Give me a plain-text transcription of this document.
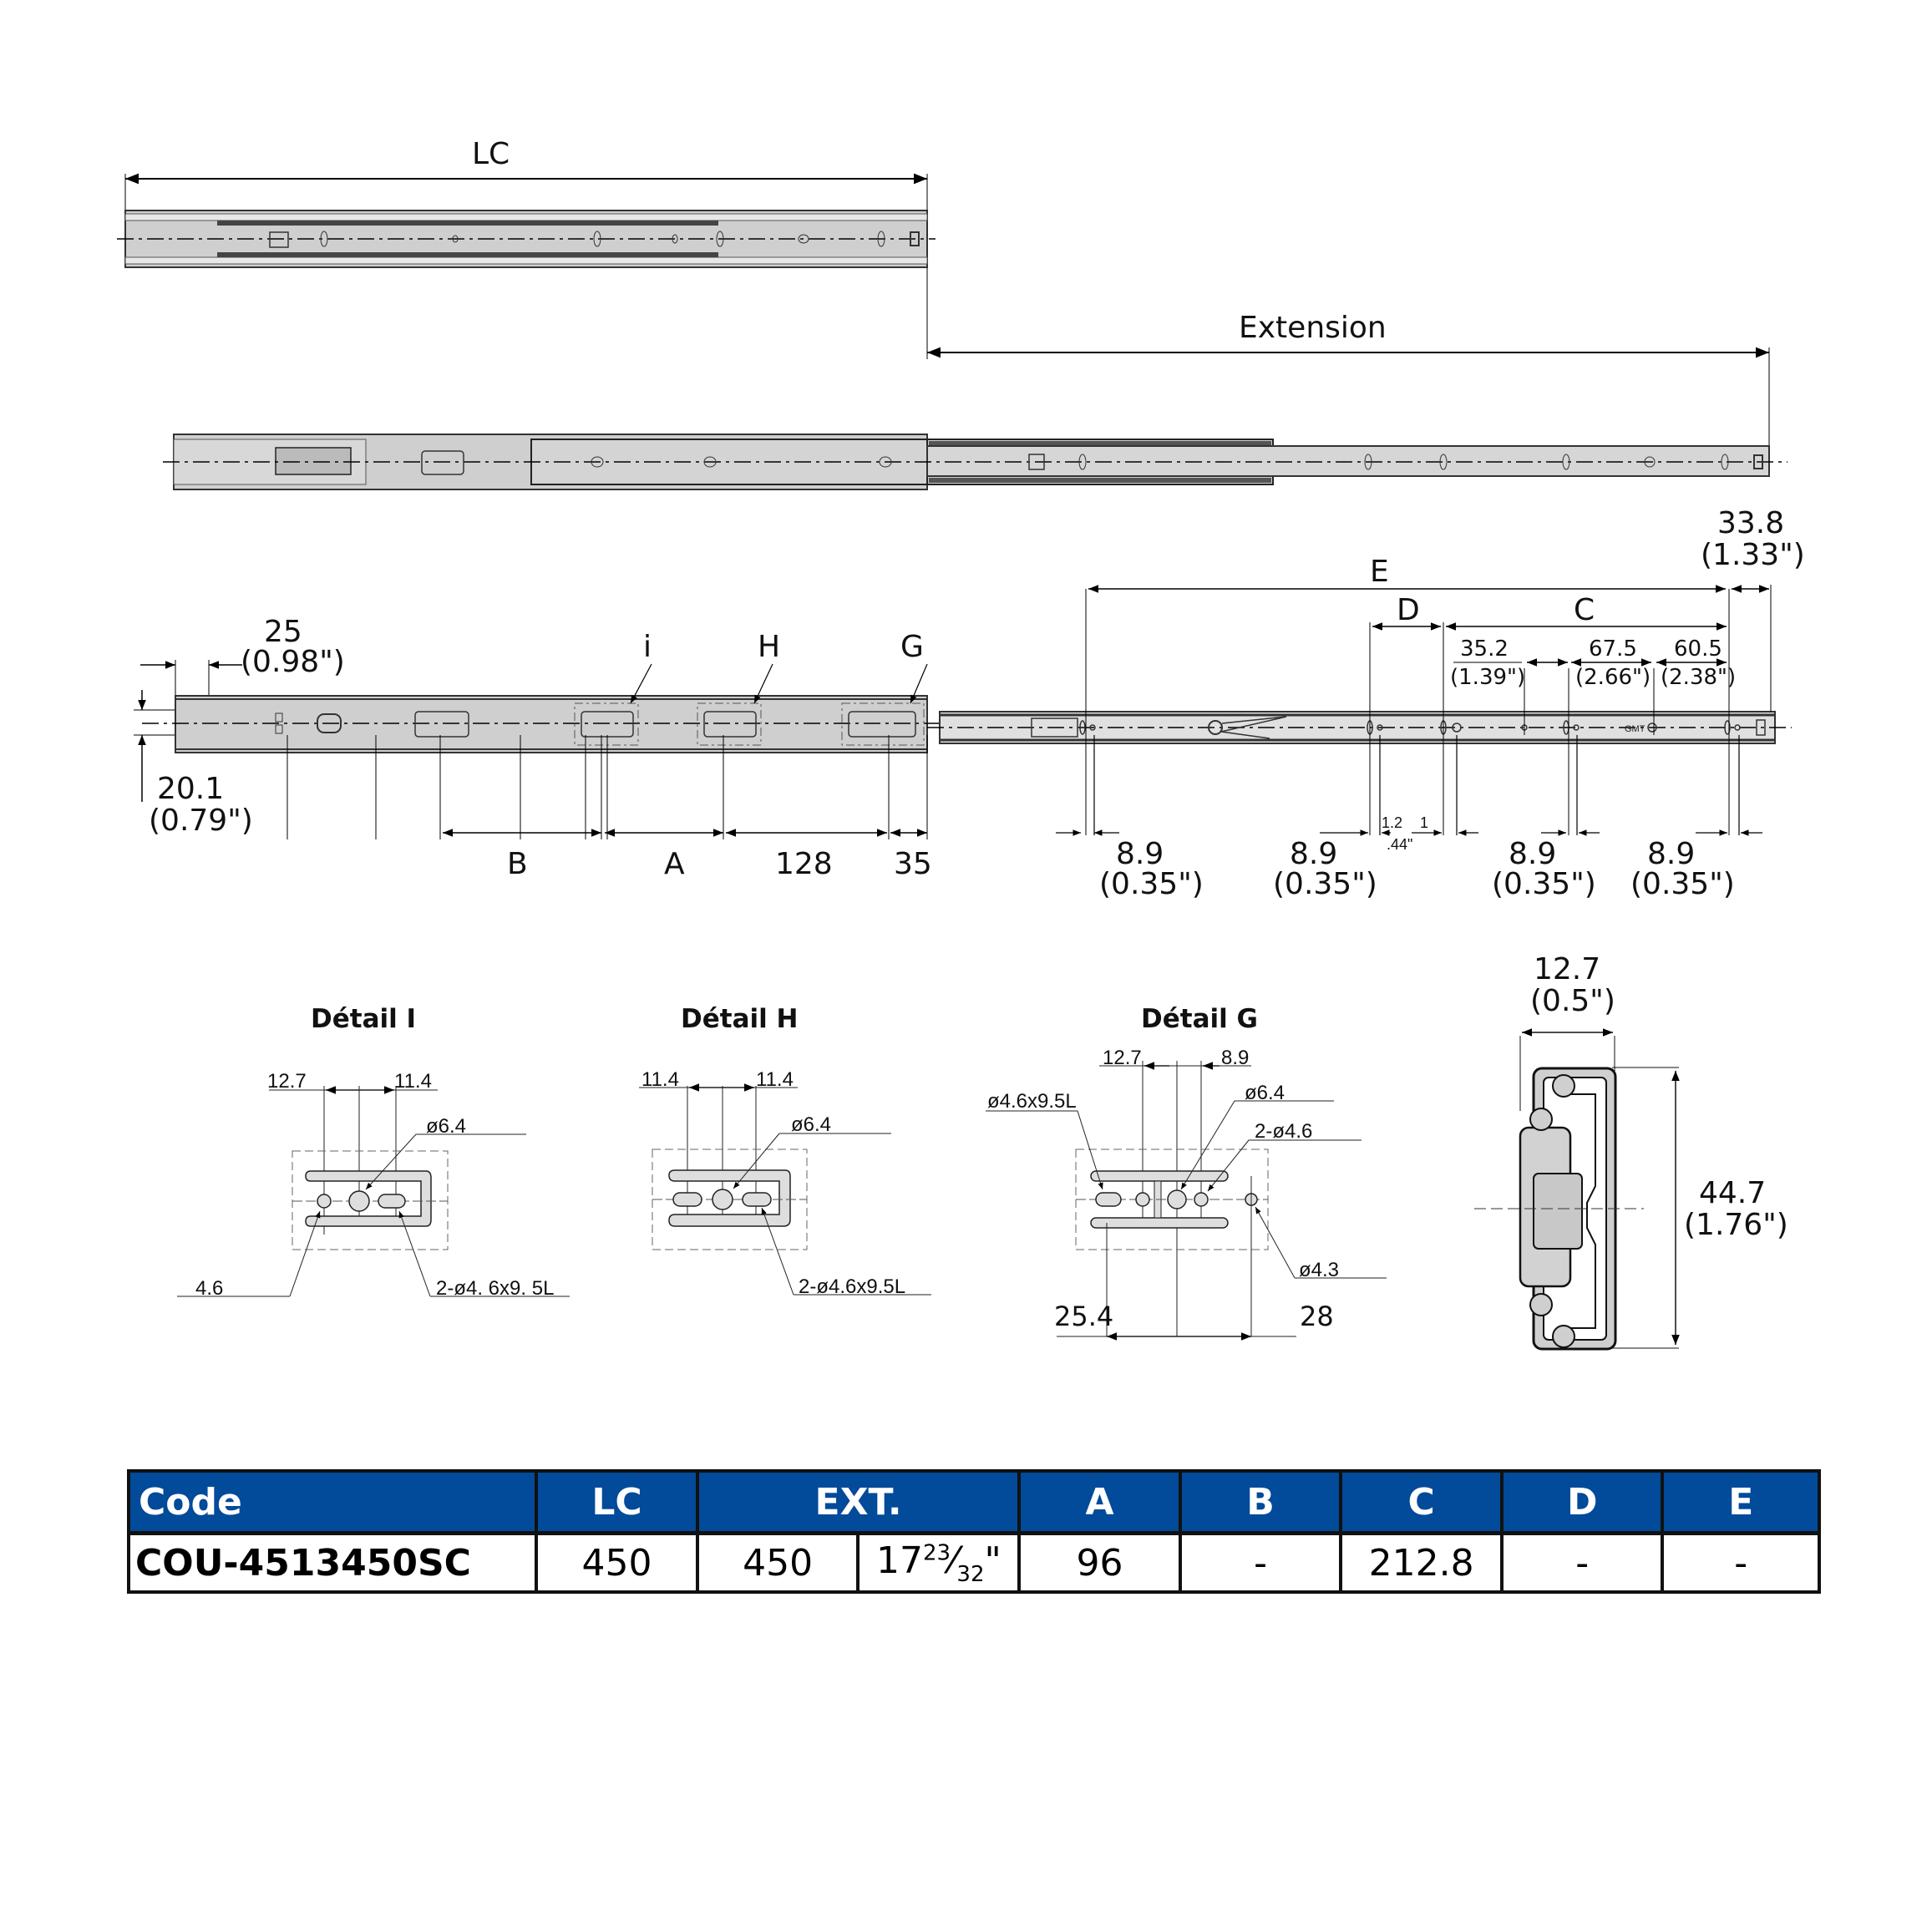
GMT
LC
Extension
25
(0.98")
20.1
(0.79")
i	H	G
B	A	128 35
33.8
(1.33")
E
D	C
35.2
(1.39")
67.5
(2.66")
60.5
(2.38")
1.2 1
.44"
8.9
(0.35")
8.9
(0.35")
8.9
(0.35")
8.9
(0.35")
Détail I
12.7	11.4
ø6.4
4.6	2-ø4. 6x9. 5L
Détail H
11.4	11.4
ø6.4
2-ø4.6x9.5L
Détail G
12.7	8.9
ø4.6x9.5L	ø6.4
2-ø4.6
ø4.3
25.4	28
12.7
(0.5")
44.7
(1.76")
Code	LC	EXT.		A	B	C	D	E
COU-4513450SC	450	450	$17^{23}⁄_{32}$"	96	-	212.8	-	-
